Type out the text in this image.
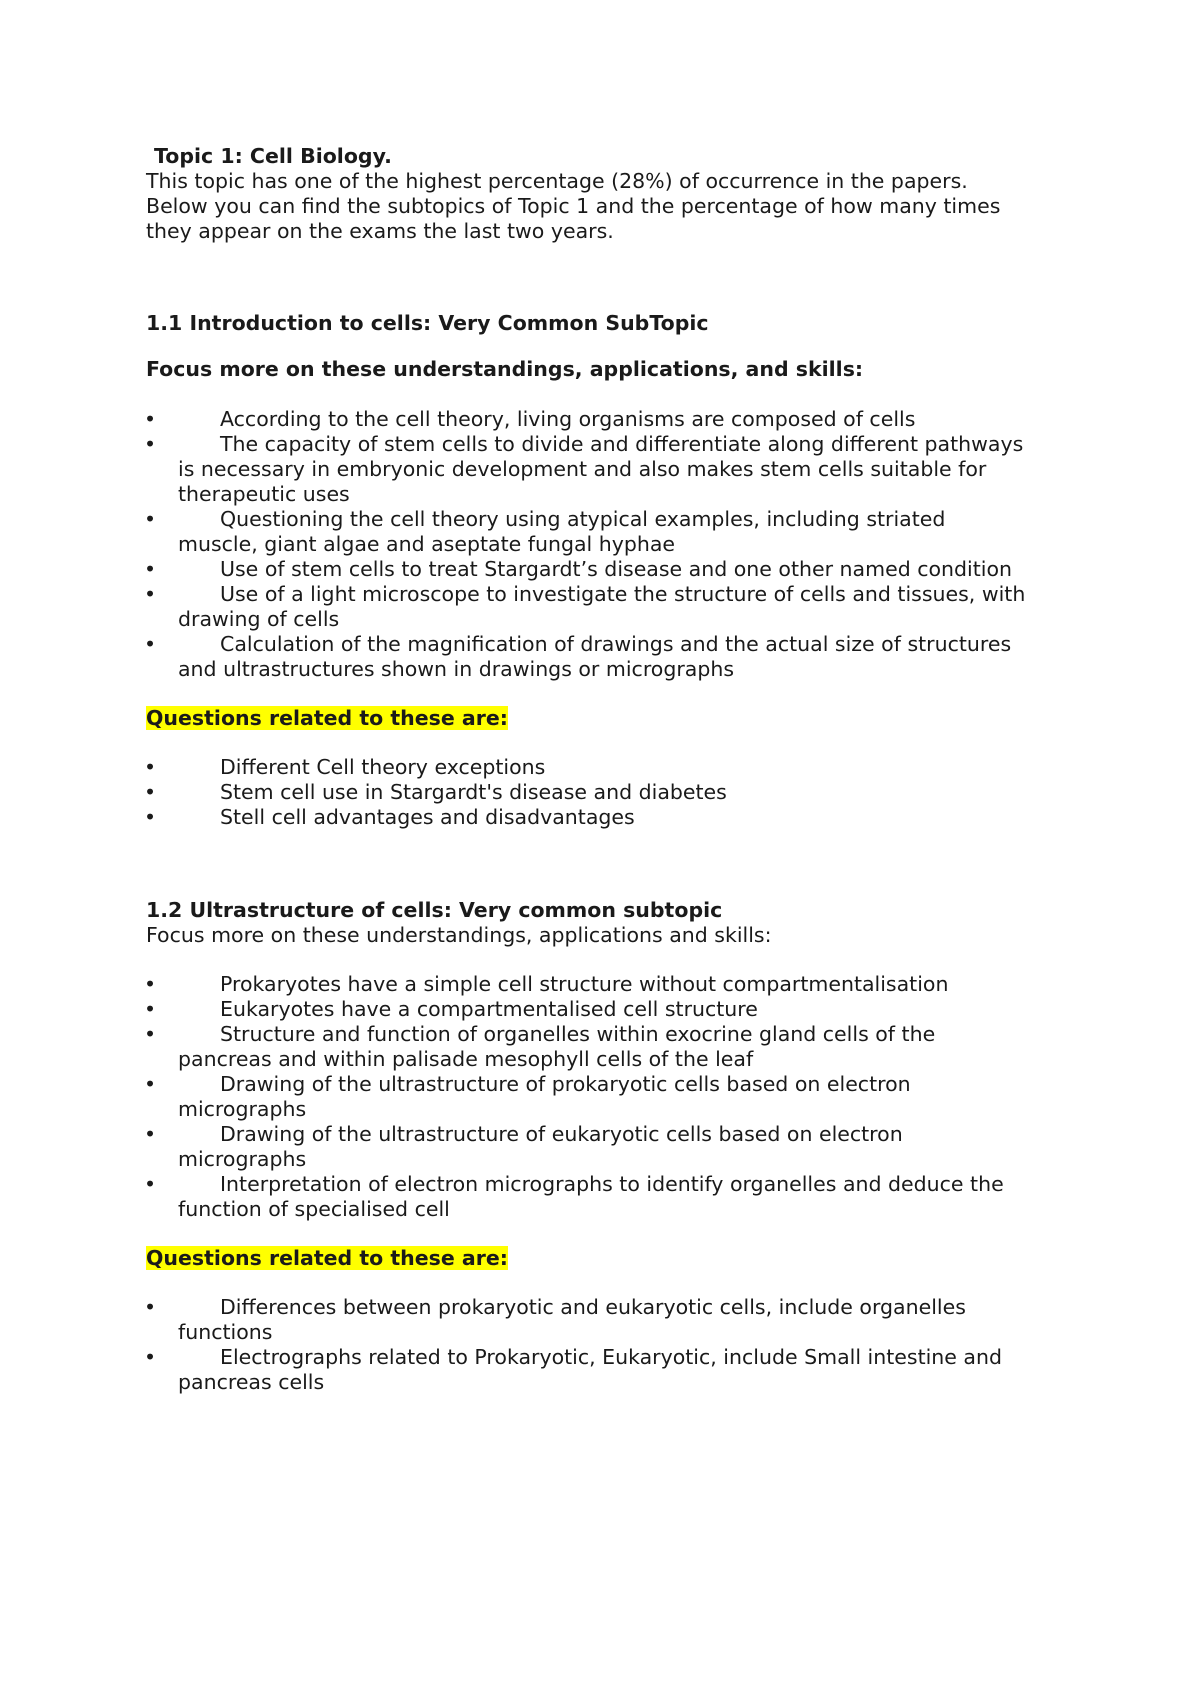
Topic 1: Cell Biology.

This topic has one of the highest percentage (28%) of occurrence in the papers.
Below you can find the subtopics of Topic 1 and the percentage of how many times
they appear on the exams the last two years.

1.1 Introduction to cells: Very Common SubTopic

Focus more on these understandings, applications, and skills:

•	According to the cell theory, living organisms are composed of cells
•	The capacity of stem cells to divide and differentiate along different pathways
is necessary in embryonic development and also makes stem cells suitable for
therapeutic uses
•	Questioning the cell theory using atypical examples, including striated
muscle, giant algae and aseptate fungal hyphae
•	Use of stem cells to treat Stargardt’s disease and one other named condition
•	Use of a light microscope to investigate the structure of cells and tissues, with
drawing of cells
•	Calculation of the magnification of drawings and the actual size of structures
and ultrastructures shown in drawings or micrographs

Questions related to these are:

•	Different Cell theory exceptions
•	Stem cell use in Stargardt's disease and diabetes
•	Stell cell advantages and disadvantages

1.2 Ultrastructure of cells: Very common subtopic

Focus more on these understandings, applications and skills:

•	Prokaryotes have a simple cell structure without compartmentalisation
•	Eukaryotes have a compartmentalised cell structure
•	Structure and function of organelles within exocrine gland cells of the
pancreas and within palisade mesophyll cells of the leaf
•	Drawing of the ultrastructure of prokaryotic cells based on electron
micrographs
•	Drawing of the ultrastructure of eukaryotic cells based on electron
micrographs
•	Interpretation of electron micrographs to identify organelles and deduce the
function of specialised cell

Questions related to these are:

•	Differences between prokaryotic and eukaryotic cells, include organelles
functions
•	Electrographs related to Prokaryotic, Eukaryotic, include Small intestine and
pancreas cells
